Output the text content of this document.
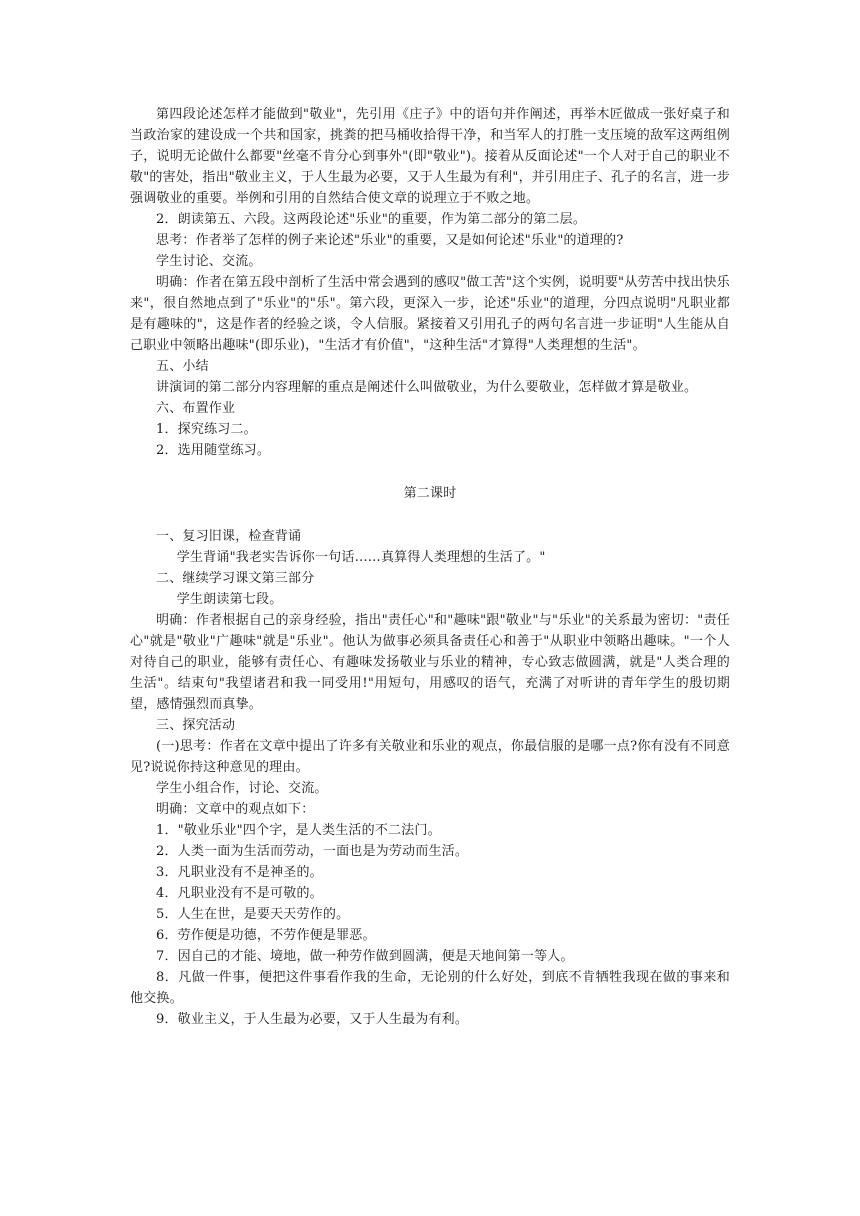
第四段论述怎样才能做到"敬业"，先引用《庄子》中的语句并作阐述，再举木匠做成一张好桌子和当政治家的建设成一个共和国家，挑粪的把马桶收拾得干净，和当军人的打胜一支压境的敌军这两组例子，说明无论做什么都要"丝毫不肯分心到事外"(即"敬业")。接着从反面论述"一个人对于自己的职业不敬"的害处，指出"敬业主义，于人生最为必要，又于人生最为有利"，并引用庄子、孔子的名言，进一步强调敬业的重要。举例和引用的自然结合使文章的说理立于不败之地。

2．朗读第五、六段。这两段论述"乐业"的重要，作为第二部分的第二层。

思考：作者举了怎样的例子来论述"乐业"的重要，又是如何论述"乐业"的道理的?

学生讨论、交流。

明确：作者在第五段中剖析了生活中常会遇到的感叹"做工苦"这个实例，说明要"从劳苦中找出快乐来"，很自然地点到了"乐业"的"乐"。第六段，更深入一步，论述"乐业"的道理，分四点说明"凡职业都是有趣味的"，这是作者的经验之谈，令人信服。紧接着又引用孔子的两句名言进一步证明"人生能从自己职业中领略出趣味"(即乐业)，"生活才有价值"，"这种生活"才算得"人类理想的生活"。

五、小结

讲演词的第二部分内容理解的重点是阐述什么叫做敬业，为什么要敬业，怎样做才算是敬业。

六、布置作业

1．探究练习二。

2．选用随堂练习。

第二课时

一、复习旧课，检查背诵

学生背诵"我老实告诉你一句话……真算得人类理想的生活了。"

二、继续学习课文第三部分

学生朗读第七段。

明确：作者根据自己的亲身经验，指出"责任心"和"趣味"跟"敬业"与"乐业"的关系最为密切："责任心"就是"敬业"广趣味"就是"乐业"。他认为做事必须具备责任心和善于"从职业中领略出趣味。"一个人对待自己的职业，能够有责任心、有趣味发扬敬业与乐业的精神，专心致志做圆满，就是"人类合理的生活"。结束句"我望诸君和我一同受用!"用短句，用感叹的语气，充满了对听讲的青年学生的殷切期望，感情强烈而真挚。

三、探究活动

(一)思考：作者在文章中提出了许多有关敬业和乐业的观点，你最信服的是哪一点?你有没有不同意见?说说你持这种意见的理由。

学生小组合作，讨论、交流。

明确：文章中的观点如下：

1．"敬业乐业"四个字，是人类生活的不二法门。

2．人类一面为生活而劳动，一面也是为劳动而生活。

3．凡职业没有不是神圣的。

4．凡职业没有不是可敬的。

5．人生在世，是要天天劳作的。

6．劳作便是功德，不劳作便是罪恶。

7．因自己的才能、境地，做一种劳作做到圆满，便是天地间第一等人。

8．凡做一件事，便把这件事看作我的生命，无论别的什么好处，到底不肯牺牲我现在做的事来和他交换。

9．敬业主义，于人生最为必要，又于人生最为有利。
